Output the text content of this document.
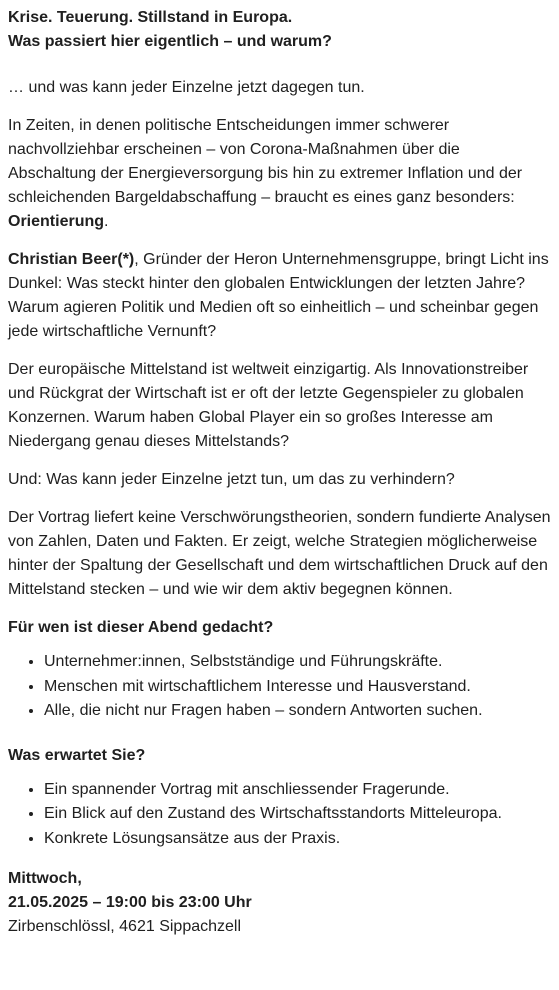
Krise. Teuerung. Stillstand in Europa.
Was passiert hier eigentlich – und warum?

… und was kann jeder Einzelne jetzt dagegen tun.

In Zeiten, in denen politische Entscheidungen immer schwerer nachvollziehbar erscheinen – von Corona-Maßnahmen über die Abschaltung der Energieversorgung bis hin zu extremer Inflation und der schleichenden Bargeldabschaffung – braucht es eines ganz besonders: Orientierung.

Christian Beer(*), Gründer der Heron Unternehmensgruppe, bringt Licht ins Dunkel: Was steckt hinter den globalen Entwicklungen der letzten Jahre? Warum agieren Politik und Medien oft so einheitlich – und scheinbar gegen jede wirtschaftliche Vernunft?

Der europäische Mittelstand ist weltweit einzigartig. Als Innovationstreiber und Rückgrat der Wirtschaft ist er oft der letzte Gegenspieler zu globalen Konzernen. Warum haben Global Player ein so großes Interesse am Niedergang genau dieses Mittelstands?

Und: Was kann jeder Einzelne jetzt tun, um das zu verhindern?

Der Vortrag liefert keine Verschwörungstheorien, sondern fundierte Analysen von Zahlen, Daten und Fakten. Er zeigt, welche Strategien möglicherweise hinter der Spaltung der Gesellschaft und dem wirtschaftlichen Druck auf den Mittelstand stecken – und wie wir dem aktiv begegnen können.

Für wen ist dieser Abend gedacht?
• Unternehmer:innen, Selbstständige und Führungskräfte.
• Menschen mit wirtschaftlichem Interesse und Hausverstand.
• Alle, die nicht nur Fragen haben – sondern Antworten suchen.
Was erwartet Sie?
• Ein spannender Vortrag mit anschliessender Fragerunde.
• Ein Blick auf den Zustand des Wirtschaftsstandorts Mitteleuropa.
• Konkrete Lösungsansätze aus der Praxis.
Mittwoch,
21.05.2025 – 19:00 bis 23:00 Uhr
Zirbenschlössl, 4621 Sippachzell
